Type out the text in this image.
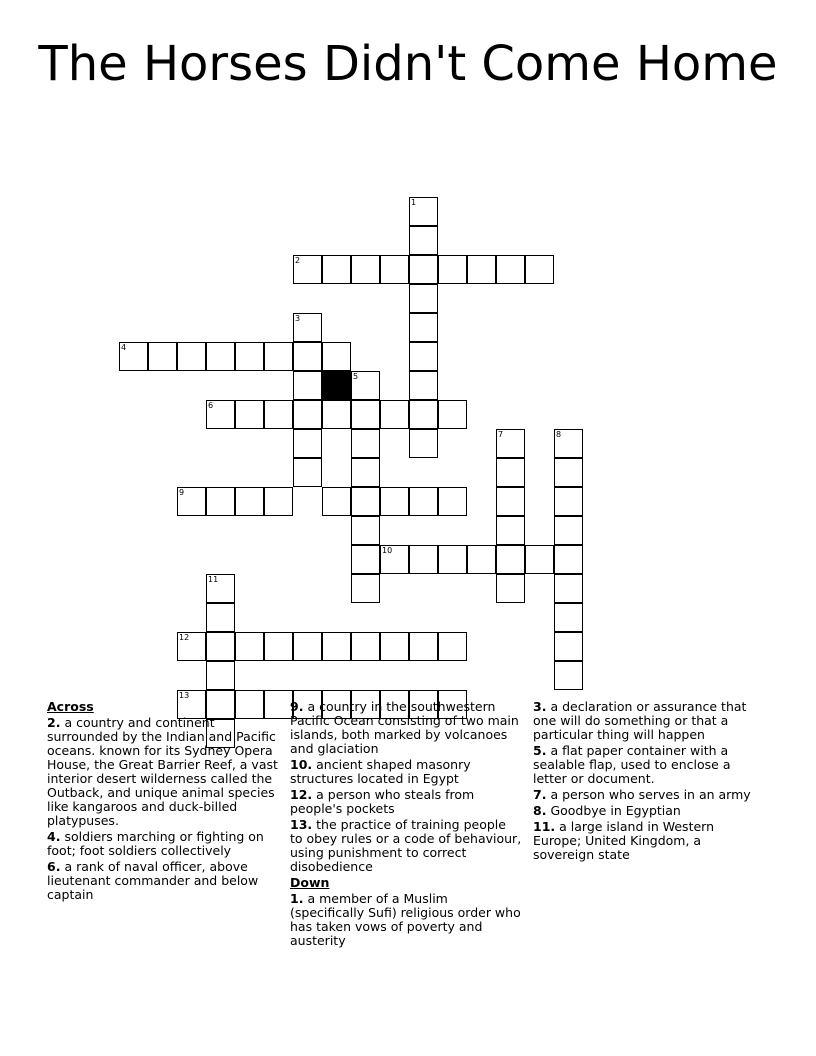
The Horses Didn't Come Home
1
2
3
4
5
6
7	8
9
10
11
12
13
Across
2. a country and continent surrounded by the Indian and Pacific oceans. known for its Sydney Opera House, the Great Barrier Reef, a vast interior desert wilderness called the Outback, and unique animal species like kangaroos and duck-billed platypuses.
4. soldiers marching or fighting on foot; foot soldiers collectively
6. a rank of naval officer, above lieutenant commander and below captain
9. a country in the southwestern Pacific Ocean consisting of two main islands, both marked by volcanoes and glaciation
10. ancient shaped masonry structures located in Egypt
12. a person who steals from people's pockets
13. the practice of training people to obey rules or a code of behaviour, using punishment to correct disobedience
Down
1. a member of a Muslim (specifically Sufi) religious order who has taken vows of poverty and austerity
3. a declaration or assurance that one will do something or that a particular thing will happen
5. a flat paper container with a sealable flap, used to enclose a letter or document.
7. a person who serves in an army
8. Goodbye in Egyptian
11. a large island in Western Europe; United Kingdom, a sovereign state
